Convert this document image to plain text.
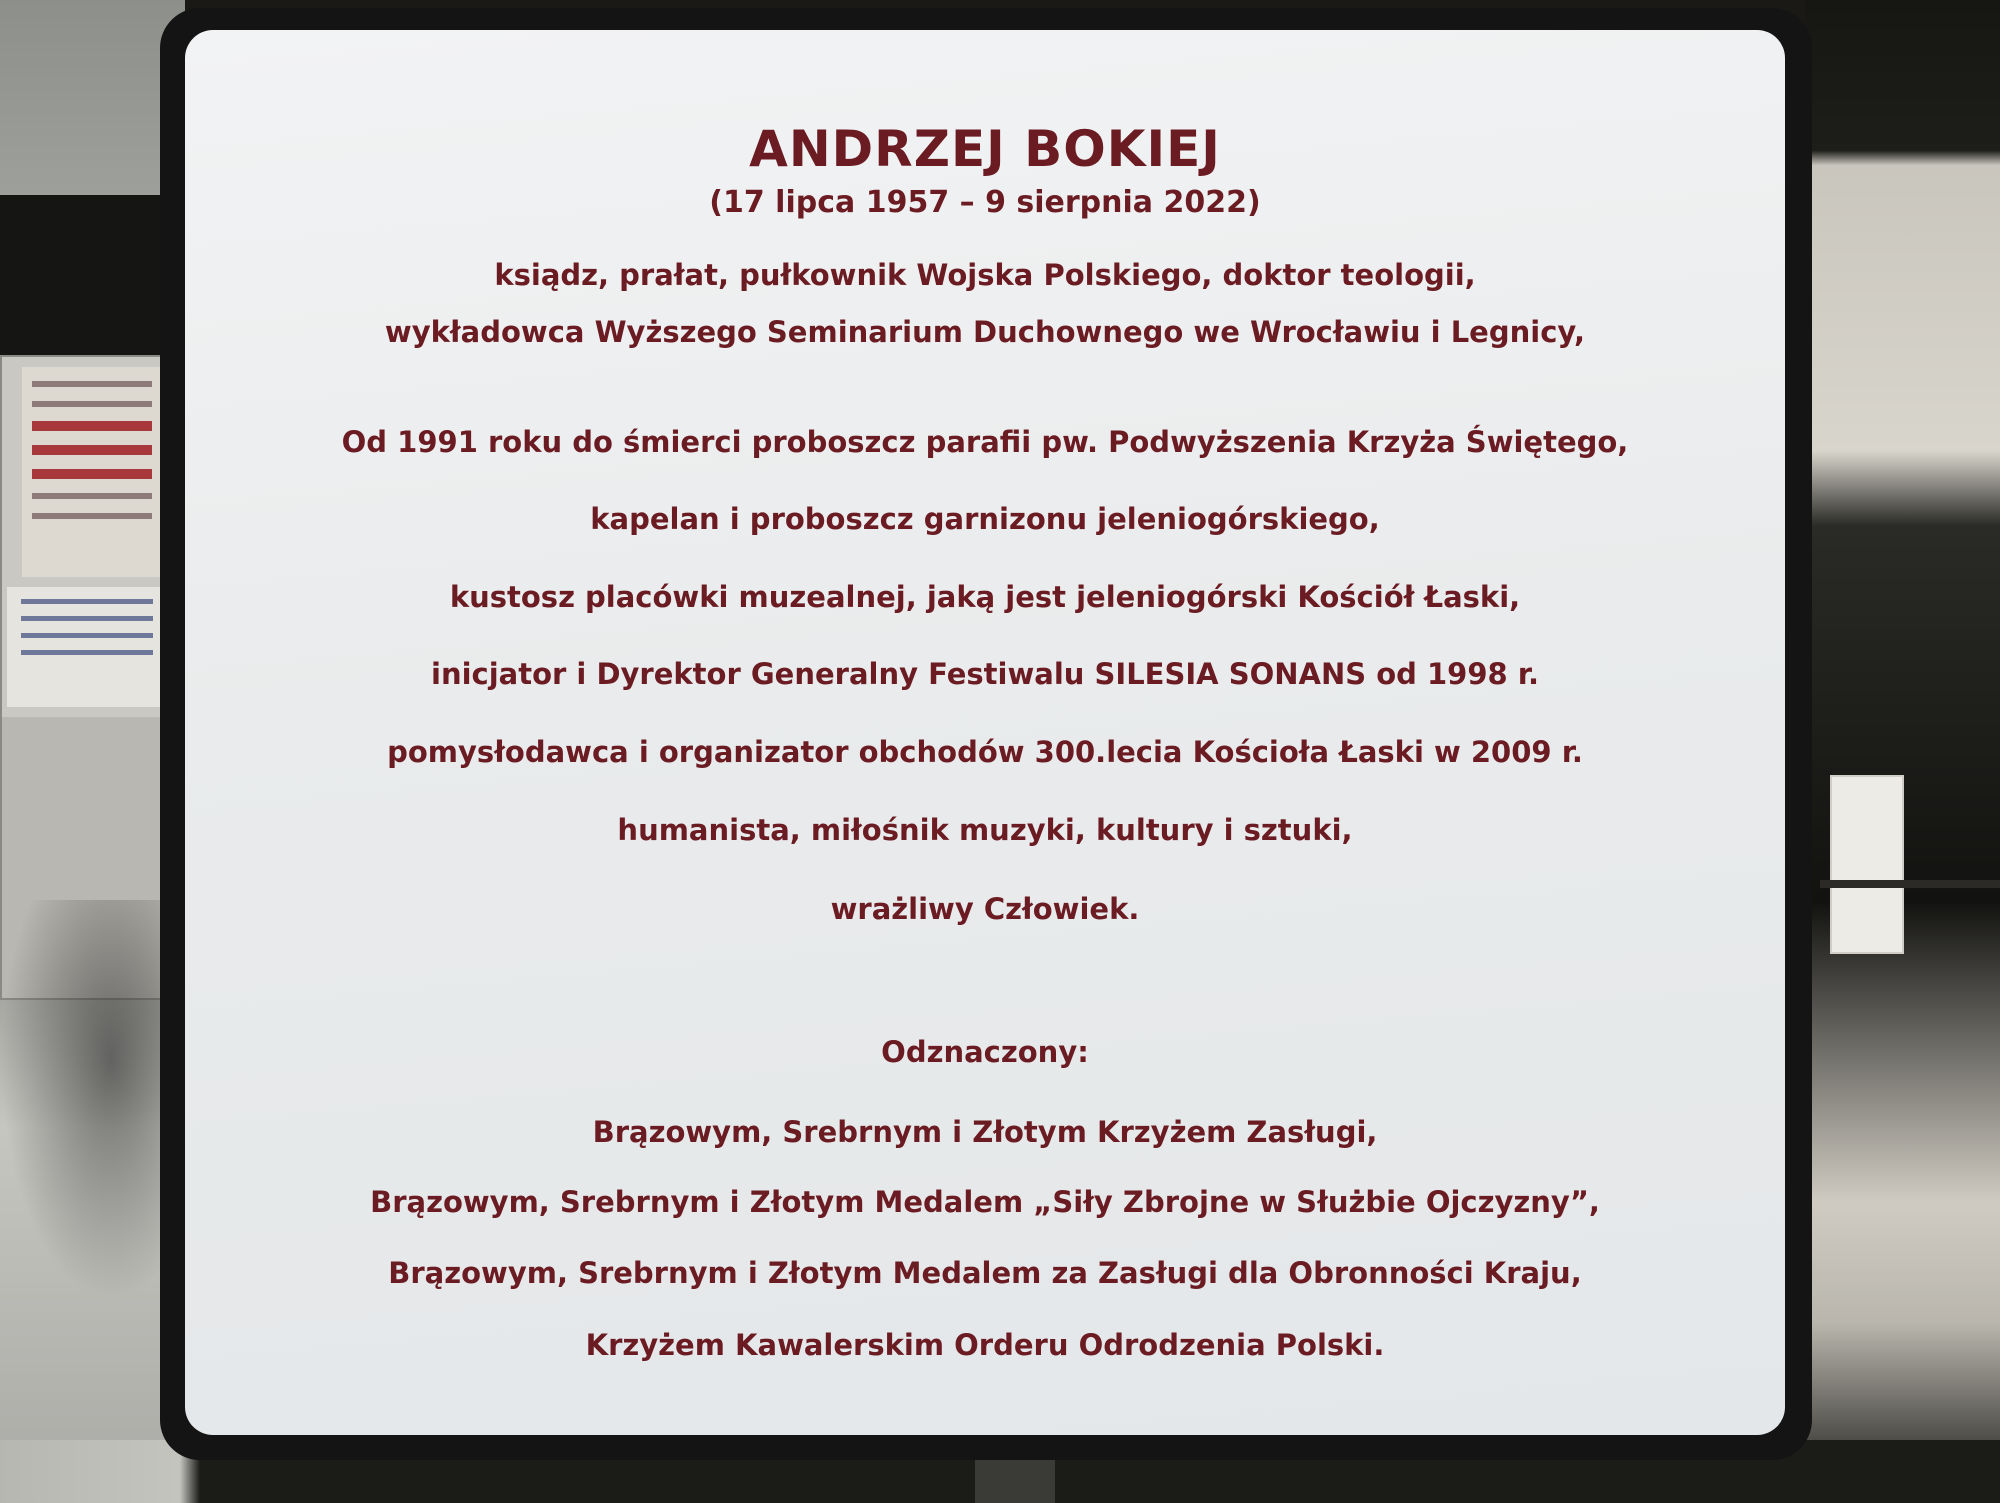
ANDRZEJ BOKIEJ
(17 lipca 1957 – 9 sierpnia 2022)
ksiądz, prałat, pułkownik Wojska Polskiego, doktor teologii,
wykładowca Wyższego Seminarium Duchownego we Wrocławiu i Legnicy,
Od 1991 roku do śmierci proboszcz parafii pw. Podwyższenia Krzyża Świętego,
kapelan i proboszcz garnizonu jeleniogórskiego,
kustosz placówki muzealnej, jaką jest jeleniogórski Kościół Łaski,
inicjator i Dyrektor Generalny Festiwalu SILESIA SONANS od 1998 r.
pomysłodawca i organizator obchodów 300.lecia Kościoła Łaski w 2009 r.
humanista, miłośnik muzyki, kultury i sztuki,
wrażliwy Człowiek.
Odznaczony:
Brązowym, Srebrnym i Złotym Krzyżem Zasługi,
Brązowym, Srebrnym i Złotym Medalem „Siły Zbrojne w Służbie Ojczyzny”,
Brązowym, Srebrnym i Złotym Medalem za Zasługi dla Obronności Kraju,
Krzyżem Kawalerskim Orderu Odrodzenia Polski.
